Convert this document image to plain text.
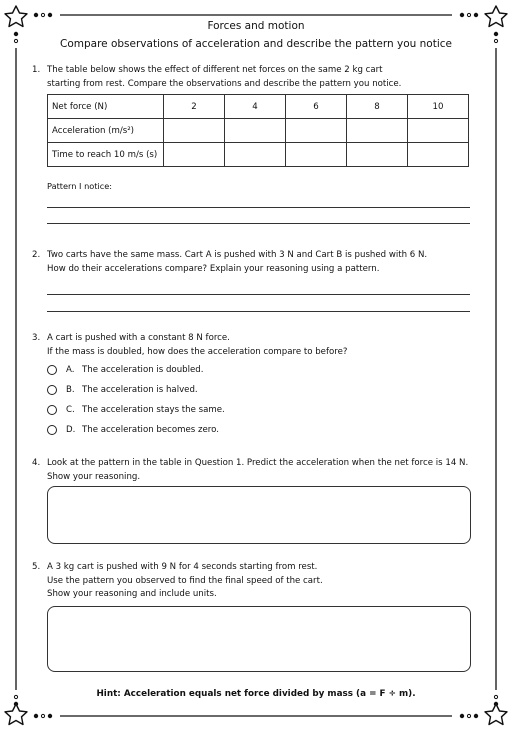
Forces and motion
Compare observations of acceleration and describe the pattern you notice
1. The table below shows the effect of different net forces on the same 2 kg cart
starting from rest. Compare the observations and describe the pattern you notice.
Net force (N)	2	4	6	8	10
Acceleration (m/s²)					
Time to reach 10 m/s (s)					
Pattern I notice:
2. Two carts have the same mass. Cart A is pushed with 3 N and Cart B is pushed with 6 N.
How do their accelerations compare? Explain your reasoning using a pattern.
3. A cart is pushed with a constant 8 N force.
If the mass is doubled, how does the acceleration compare to before?
A. The acceleration is doubled.
B. The acceleration is halved.
C. The acceleration stays the same.
D. The acceleration becomes zero.
4. Look at the pattern in the table in Question 1. Predict the acceleration when the net force is 14 N.
Show your reasoning.
5. A 3 kg cart is pushed with 9 N for 4 seconds starting from rest.
Use the pattern you observed to find the final speed of the cart.
Show your reasoning and include units.
Hint: Acceleration equals net force divided by mass (a = F ÷ m).
